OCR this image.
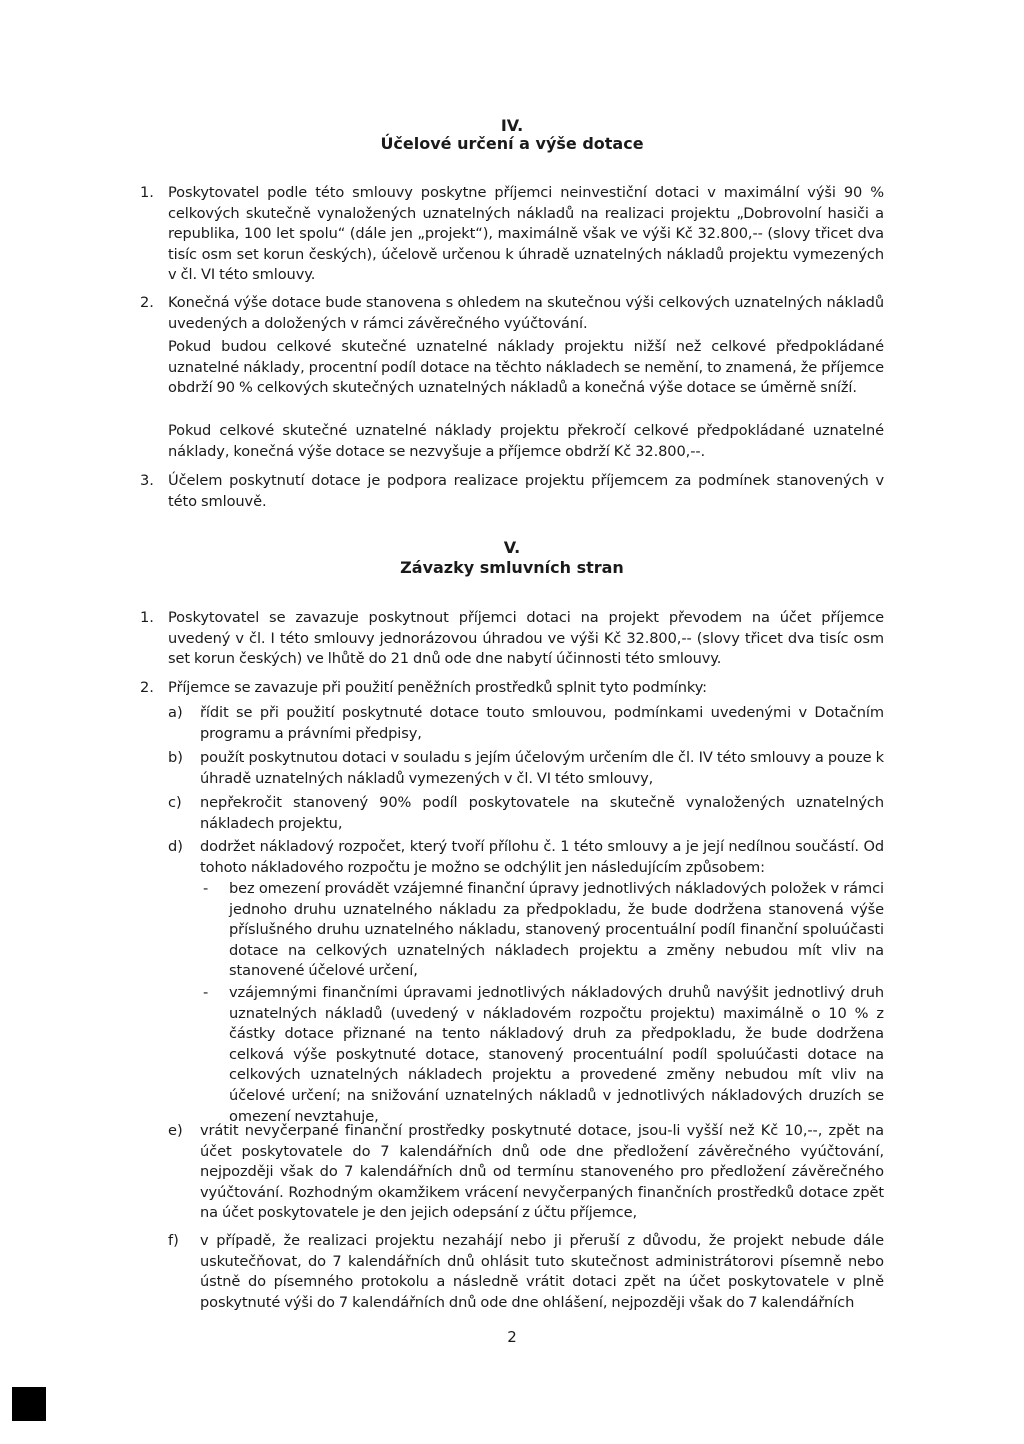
IV.
Účelové určení a výše dotace
1. Poskytovatel podle této smlouvy poskytne příjemci neinvestiční dotaci v maximální výši 90 % celkových skutečně vynaložených uznatelných nákladů na realizaci projektu „Dobrovolní hasiči a republika, 100 let spolu“ (dále jen „projekt“), maximálně však ve výši Kč 32.800,-- (slovy třicet dva tisíc osm set korun českých), účelově určenou k úhradě uznatelných nákladů projektu vymezených v čl. VI této smlouvy.
2. Konečná výše dotace bude stanovena s ohledem na skutečnou výši celkových uznatelných nákladů uvedených a doložených v rámci závěrečného vyúčtování.
Pokud budou celkové skutečné uznatelné náklady projektu nižší než celkové předpokládané uznatelné náklady, procentní podíl dotace na těchto nákladech se nemění, to znamená, že příjemce obdrží 90 % celkových skutečných uznatelných nákladů a konečná výše dotace se úměrně sníží.
Pokud celkové skutečné uznatelné náklady projektu překročí celkové předpokládané uznatelné náklady, konečná výše dotace se nezvyšuje a příjemce obdrží Kč 32.800,--.
3. Účelem poskytnutí dotace je podpora realizace projektu příjemcem za podmínek stanovených v této smlouvě.
V.
Závazky smluvních stran
1. Poskytovatel se zavazuje poskytnout příjemci dotaci na projekt převodem na účet příjemce uvedený v čl. I této smlouvy jednorázovou úhradou ve výši Kč 32.800,-- (slovy třicet dva tisíc osm set korun českých) ve lhůtě do 21 dnů ode dne nabytí účinnosti této smlouvy.
2. Příjemce se zavazuje při použití peněžních prostředků splnit tyto podmínky:
a) řídit se při použití poskytnuté dotace touto smlouvou, podmínkami uvedenými v Dotačním programu a právními předpisy,
b) použít poskytnutou dotaci v souladu s jejím účelovým určením dle čl. IV této smlouvy a pouze k úhradě uznatelných nákladů vymezených v čl. VI této smlouvy,
c) nepřekročit stanovený 90% podíl poskytovatele na skutečně vynaložených uznatelných nákladech projektu,
d) dodržet nákladový rozpočet, který tvoří přílohu č. 1 této smlouvy a je její nedílnou součástí. Od tohoto nákladového rozpočtu je možno se odchýlit jen následujícím způsobem:
- bez omezení provádět vzájemné finanční úpravy jednotlivých nákladových položek v rámci jednoho druhu uznatelného nákladu za předpokladu, že bude dodržena stanovená výše příslušného druhu uznatelného nákladu, stanovený procentuální podíl finanční spoluúčasti dotace na celkových uznatelných nákladech projektu a změny nebudou mít vliv na stanovené účelové určení,
- vzájemnými finančními úpravami jednotlivých nákladových druhů navýšit jednotlivý druh uznatelných nákladů (uvedený v nákladovém rozpočtu projektu) maximálně o 10 % z částky dotace přiznané na tento nákladový druh za předpokladu, že bude dodržena celková výše poskytnuté dotace, stanovený procentuální podíl spoluúčasti dotace na celkových uznatelných nákladech projektu a provedené změny nebudou mít vliv na účelové určení; na snižování uznatelných nákladů v jednotlivých nákladových druzích se omezení nevztahuje,
e) vrátit nevyčerpané finanční prostředky poskytnuté dotace, jsou-li vyšší než Kč 10,--, zpět na účet poskytovatele do 7 kalendářních dnů ode dne předložení závěrečného vyúčtování, nejpozději však do 7 kalendářních dnů od termínu stanoveného pro předložení závěrečného vyúčtování. Rozhodným okamžikem vrácení nevyčerpaných finančních prostředků dotace zpět na účet poskytovatele je den jejich odepsání z účtu příjemce,
f) v případě, že realizaci projektu nezahájí nebo ji přeruší z důvodu, že projekt nebude dále uskutečňovat, do 7 kalendářních dnů ohlásit tuto skutečnost administrátorovi písemně nebo ústně do písemného protokolu a následně vrátit dotaci zpět na účet poskytovatele v plně poskytnuté výši do 7 kalendářních dnů ode dne ohlášení, nejpozději však do 7 kalendářních
2
